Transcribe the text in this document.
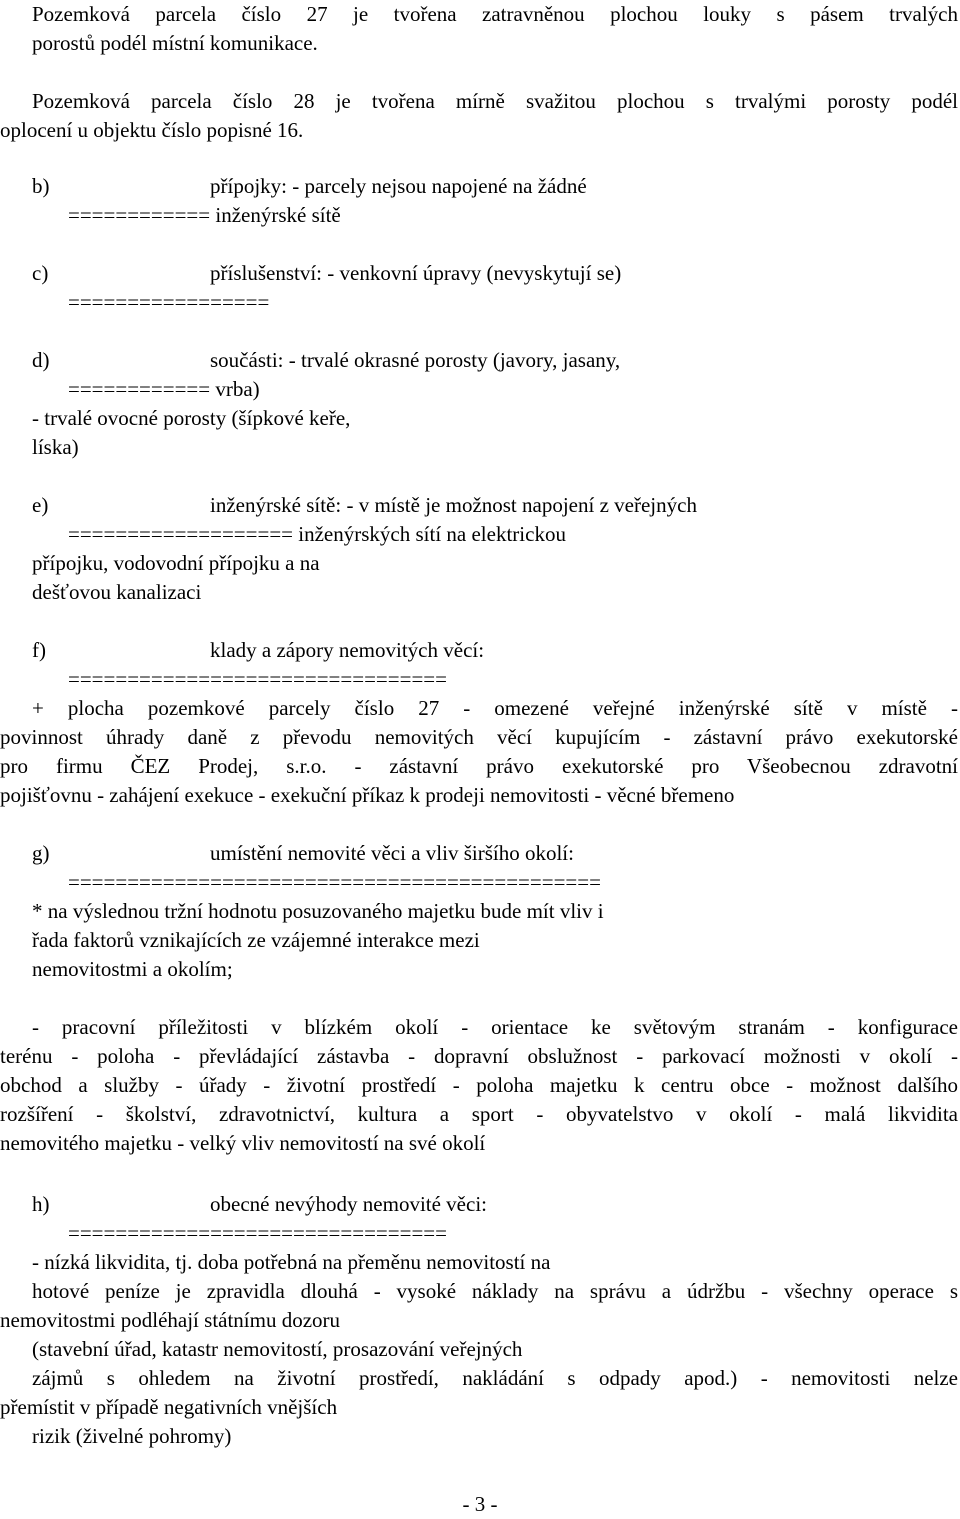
Pozemková parcela číslo 27 je tvořena zatravněnou plochou louky s pásem trvalých
porostů podél místní komunikace.
Pozemková parcela číslo 28 je tvořena mírně svažitou plochou s trvalými porosty podél
oplocení u objektu číslo popisné 16.
b)	přípojky: - parcely nejsou napojené na žádné
============ inženýrské sítě
c)	příslušenství: - venkovní úpravy (nevyskytují se)
=================
d)	součásti: - trvalé okrasné porosty (javory, jasany,
============ vrba)
- trvalé ovocné porosty (šípkové keře,
líska)
e)	inženýrské sítě: - v místě je možnost napojení z veřejných
=================== inženýrských sítí na elektrickou
přípojku, vodovodní přípojku a na
dešťovou kanalizaci
f)	klady a zápory nemovitých věcí:
================================
+ plocha pozemkové parcely číslo 27 - omezené veřejné inženýrské sítě v místě -
povinnost úhrady daně z převodu nemovitých věcí kupujícím - zástavní právo exekutorské
pro firmu ČEZ Prodej, s.r.o. - zástavní právo exekutorské pro Všeobecnou zdravotní
pojišťovnu - zahájení exekuce - exekuční příkaz k prodeji nemovitosti - věcné břemeno
g)	umístění nemovité věci a vliv širšího okolí:
=============================================
* na výslednou tržní hodnotu posuzovaného majetku bude mít vliv i
řada faktorů vznikajících ze vzájemné interakce mezi
nemovitostmi a okolím;
- pracovní příležitosti v blízkém okolí - orientace ke světovým stranám - konfigurace
terénu - poloha - převládající zástavba - dopravní obslužnost - parkovací možnosti v okolí -
obchod a služby - úřady - životní prostředí - poloha majetku k centru obce - možnost dalšího
rozšíření - školství, zdravotnictví, kultura a sport - obyvatelstvo v okolí - malá likvidita
nemovitého majetku - velký vliv nemovitostí na své okolí
h)	obecné nevýhody nemovité věci:
================================
- nízká likvidita, tj. doba potřebná na přeměnu nemovitostí na
hotové peníze je zpravidla dlouhá - vysoké náklady na správu a údržbu - všechny operace s
nemovitostmi podléhají státnímu dozoru
(stavební úřad, katastr nemovitostí, prosazování veřejných
zájmů s ohledem na životní prostředí, nakládání s odpady apod.) - nemovitosti nelze
přemístit v případě negativních vnějších
rizik (živelné pohromy)
- 3 -
